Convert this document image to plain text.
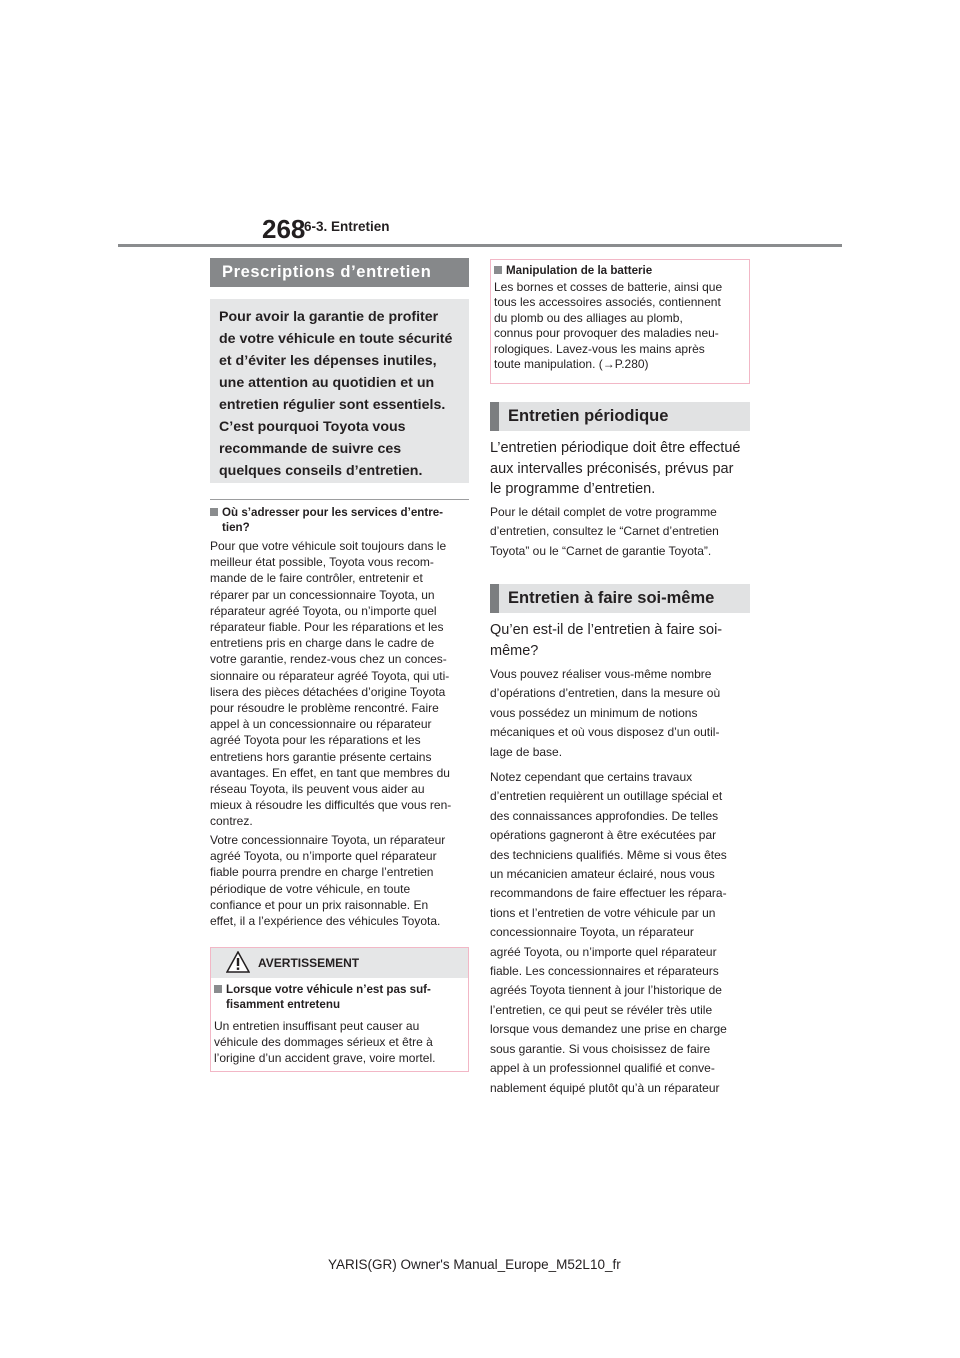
268
6-3. Entretien
Prescriptions d’entretien
Pour avoir la garantie de profiter
de votre véhicule en toute sécurité
et d’éviter les dépenses inutiles,
une attention au quotidien et un
entretien régulier sont essentiels.
C’est pourquoi Toyota vous
recommande de suivre ces
quelques conseils d’entretien.
Où s’adresser pour les services d’entre-
tien?
Pour que votre véhicule soit toujours dans le
meilleur état possible, Toyota vous recom-
mande de le faire contrôler, entretenir et
réparer par un concessionnaire Toyota, un
réparateur agréé Toyota, ou n’importe quel
réparateur fiable. Pour les réparations et les
entretiens pris en charge dans le cadre de
votre garantie, rendez-vous chez un conces-
sionnaire ou réparateur agréé Toyota, qui uti-
lisera des pièces détachées d’origine Toyota
pour résoudre le problème rencontré. Faire
appel à un concessionnaire ou réparateur
agréé Toyota pour les réparations et les
entretiens hors garantie présente certains
avantages. En effet, en tant que membres du
réseau Toyota, ils peuvent vous aider au
mieux à résoudre les difficultés que vous ren-
contrez.
Votre concessionnaire Toyota, un réparateur
agréé Toyota, ou n’importe quel réparateur
fiable pourra prendre en charge l’entretien
périodique de votre véhicule, en toute
confiance et pour un prix raisonnable. En
effet, il a l’expérience des véhicules Toyota.
AVERTISSEMENT
Lorsque votre véhicule n’est pas suf-
fisamment entretenu
Un entretien insuffisant peut causer au
véhicule des dommages sérieux et être à
l’origine d’un accident grave, voire mortel.
Manipulation de la batterie
Les bornes et cosses de batterie, ainsi que
tous les accessoires associés, contiennent
du plomb ou des alliages au plomb,
connus pour provoquer des maladies neu-
rologiques. Lavez-vous les mains après
toute manipulation. (→P.280)
Entretien périodique
L’entretien périodique doit être effectué
aux intervalles préconisés, prévus par
le programme d’entretien.
Pour le détail complet de votre programme
d’entretien, consultez le “Carnet d’entretien
Toyota” ou le “Carnet de garantie Toyota”.
Entretien à faire soi-même
Qu’en est-il de l’entretien à faire soi-
même?
Vous pouvez réaliser vous-même nombre
d’opérations d’entretien, dans la mesure où
vous possédez un minimum de notions
mécaniques et où vous disposez d’un outil-
lage de base.
Notez cependant que certains travaux
d’entretien requièrent un outillage spécial et
des connaissances approfondies. De telles
opérations gagneront à être exécutées par
des techniciens qualifiés. Même si vous êtes
un mécanicien amateur éclairé, nous vous
recommandons de faire effectuer les répara-
tions et l’entretien de votre véhicule par un
concessionnaire Toyota, un réparateur
agréé Toyota, ou n’importe quel réparateur
fiable. Les concessionnaires et réparateurs
agréés Toyota tiennent à jour l’historique de
l’entretien, ce qui peut se révéler très utile
lorsque vous demandez une prise en charge
sous garantie. Si vous choisissez de faire
appel à un professionnel qualifié et conve-
nablement équipé plutôt qu’à un réparateur
YARIS(GR) Owner's Manual_Europe_M52L10_fr
